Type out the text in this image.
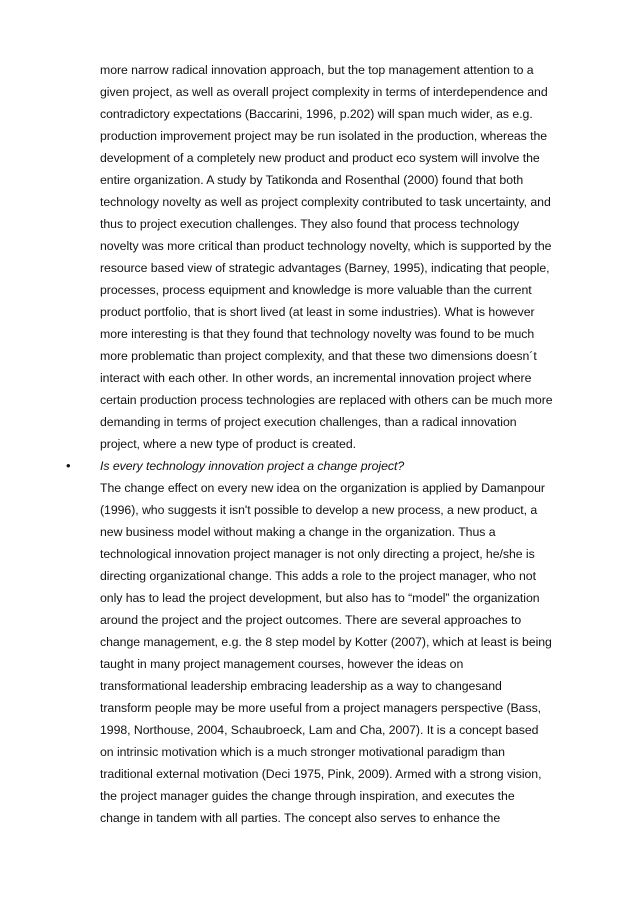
more narrow radical innovation approach, but the top management attention to a
given project, as well as overall project complexity in terms of interdependence and
contradictory expectations (Baccarini, 1996, p.202) will span much wider, as e.g.
production improvement project may be run isolated in the production, whereas the
development of a completely new product and product eco system will involve the
entire organization. A study by Tatikonda and Rosenthal (2000) found that both
technology novelty as well as project complexity contributed to task uncertainty, and
thus to project execution challenges. They also found that process technology
novelty was more critical than product technology novelty, which is supported by the
resource based view of strategic advantages (Barney, 1995), indicating that people,
processes, process equipment and knowledge is more valuable than the current
product portfolio, that is short lived (at least in some industries). What is however
more interesting is that they found that technology novelty was found to be much
more problematic than project complexity, and that these two dimensions doesn´t
interact with each other. In other words, an incremental innovation project where
certain production process technologies are replaced with others can be much more
demanding in terms of project execution challenges, than a radical innovation
project, where a new type of product is created.
• Is every technology innovation project a change project?
The change effect on every new idea on the organization is applied by Damanpour
(1996), who suggests it isn't possible to develop a new process, a new product, a
new business model without making a change in the organization. Thus a
technological innovation project manager is not only directing a project, he/she is
directing organizational change. This adds a role to the project manager, who not
only has to lead the project development, but also has to “model” the organization
around the project and the project outcomes. There are several approaches to
change management, e.g. the 8 step model by Kotter (2007), which at least is being
taught in many project management courses, however the ideas on
transformational leadership embracing leadership as a way to changesand
transform people may be more useful from a project managers perspective (Bass,
1998, Northouse, 2004, Schaubroeck, Lam and Cha, 2007). It is a concept based
on intrinsic motivation which is a much stronger motivational paradigm than
traditional external motivation (Deci 1975, Pink, 2009). Armed with a strong vision,
the project manager guides the change through inspiration, and executes the
change in tandem with all parties. The concept also serves to enhance the
